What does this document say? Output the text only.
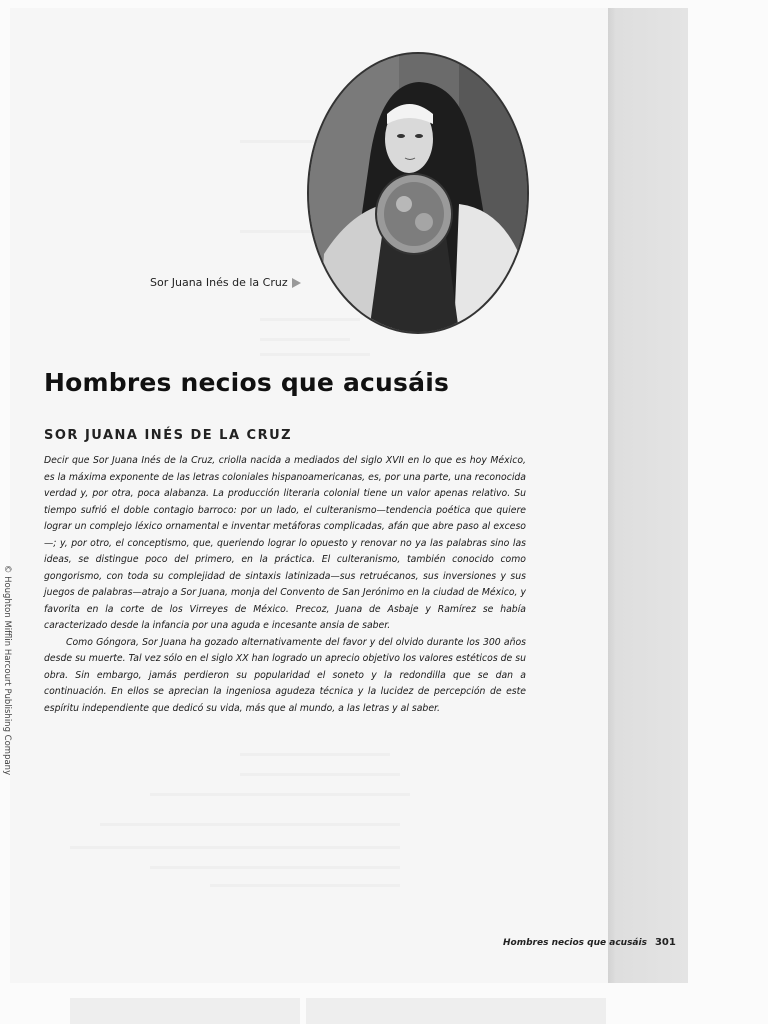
Sor Juana Inés de la Cruz
Hombres necios que acusáis
SOR JUANA INÉS DE LA CRUZ

Decir que Sor Juana Inés de la Cruz, criolla nacida a mediados del siglo XVII en lo que es hoy México, es la máxima exponente de las letras coloniales hispanoamericanas, es, por una parte, una reconocida verdad y, por otra, poca alabanza. La producción literaria colonial tiene un valor apenas relativo. Su tiempo sufrió el doble contagio barroco: por un lado, el culteranismo—tendencia poética que quiere lograr un complejo léxico ornamental e inventar metáforas complicadas, afán que abre paso al exceso—; y, por otro, el conceptismo, que, queriendo lograr lo opuesto y renovar no ya las palabras sino las ideas, se distingue poco del primero, en la práctica. El culteranismo, también conocido como gongorismo, con toda su complejidad de sintaxis latinizada—sus retruécanos, sus inversiones y sus juegos de palabras—atrajo a Sor Juana, monja del Convento de San Jerónimo en la ciudad de México, y favorita en la corte de los Virreyes de México. Precoz, Juana de Asbaje y Ramírez se había caracterizado desde la infancia por una aguda e incesante ansia de saber.

Como Góngora, Sor Juana ha gozado alternativamente del favor y del olvido durante los 300 años desde su muerte. Tal vez sólo en el siglo XX han logrado un aprecio objetivo los valores estéticos de su obra. Sin embargo, jamás perdieron su popularidad el soneto y la redondilla que se dan a continuación. En ellos se aprecian la ingeniosa agudeza técnica y la lucidez de percepción de este espíritu independiente que dedicó su vida, más que al mundo, a las letras y al saber.

© Houghton Mifflin Harcourt Publishing Company
Hombres necios que acusáis 301
